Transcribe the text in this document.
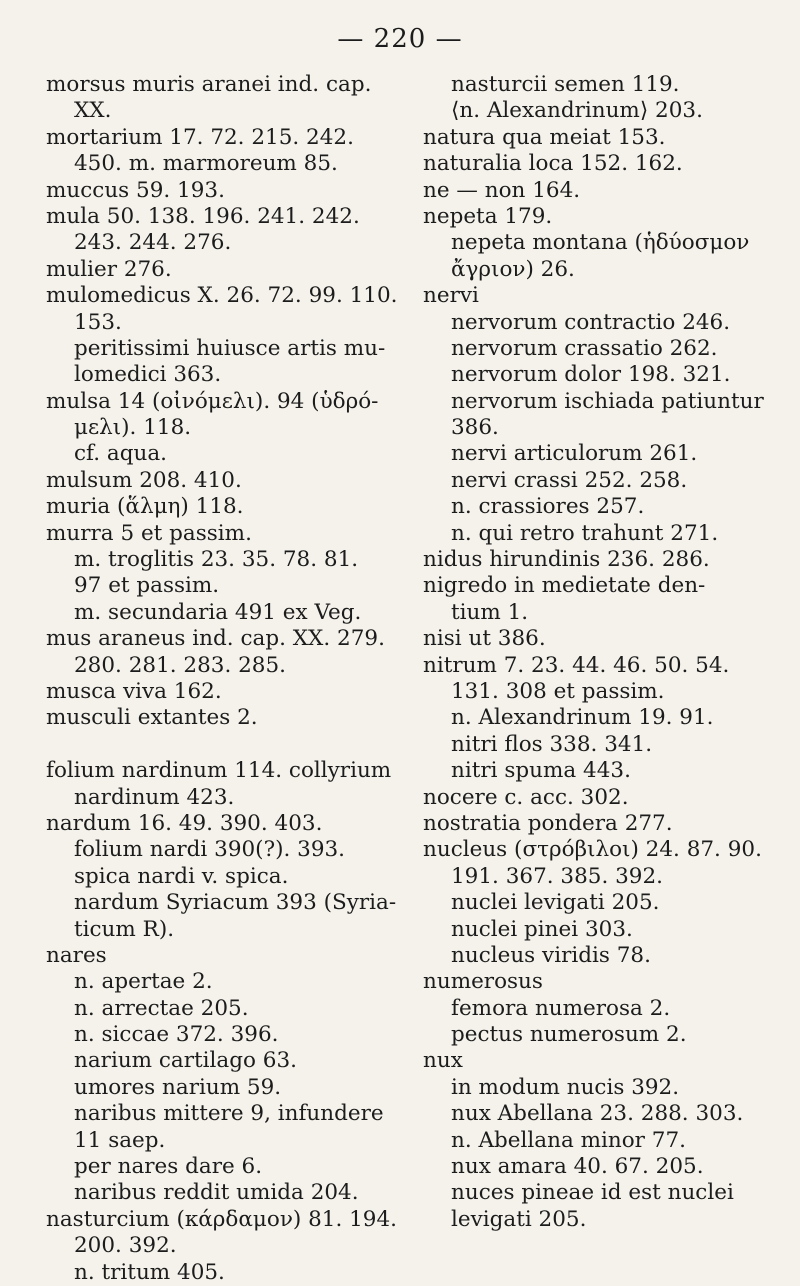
— 220 —
morsus muris aranei ind. cap.
XX.
mortarium 17. 72. 215. 242.
450. m. marmoreum 85.
muccus 59. 193.
mula 50. 138. 196. 241. 242.
243. 244. 276.
mulier 276.
mulomedicus X. 26. 72. 99. 110.
153.
peritissimi huiusce artis mu-
lomedici 363.
mulsa 14 (οἰνόμελι). 94 (ὑδρό-
μελι). 118.
cf. aqua.
mulsum 208. 410.
muria (ἅλμη) 118.
murra 5 et passim.
m. troglitis 23. 35. 78. 81.
97 et passim.
m. secundaria 491 ex Veg.
mus araneus ind. cap. XX. 279.
280. 281. 283. 285.
musca viva 162.
musculi extantes 2.
folium nardinum 114. collyrium
nardinum 423.
nardum 16. 49. 390. 403.
folium nardi 390(?). 393.
spica nardi v. spica.
nardum Syriacum 393 (Syria-
ticum R).
nares
n. apertae 2.
n. arrectae 205.
n. siccae 372. 396.
narium cartilago 63.
umores narium 59.
naribus mittere 9, infundere
11 saep.
per nares dare 6.
naribus reddit umida 204.
nasturcium (κάρδαμον) 81. 194.
200. 392.
n. tritum 405.
nasturcii semen 119.
⟨n. Alexandrinum⟩ 203.
natura qua meiat 153.
naturalia loca 152. 162.
ne — non 164.
nepeta 179.
nepeta montana (ἡδύοσμον
ἄγριον) 26.
nervi
nervorum contractio 246.
nervorum crassatio 262.
nervorum dolor 198. 321.
nervorum ischiada patiuntur
386.
nervi articulorum 261.
nervi crassi 252. 258.
n. crassiores 257.
n. qui retro trahunt 271.
nidus hirundinis 236. 286.
nigredo in medietate den-
tium 1.
nisi ut 386.
nitrum 7. 23. 44. 46. 50. 54.
131. 308 et passim.
n. Alexandrinum 19. 91.
nitri flos 338. 341.
nitri spuma 443.
nocere c. acc. 302.
nostratia pondera 277.
nucleus (στρόβιλοι) 24. 87. 90.
191. 367. 385. 392.
nuclei levigati 205.
nuclei pinei 303.
nucleus viridis 78.
numerosus
femora numerosa 2.
pectus numerosum 2.
nux
in modum nucis 392.
nux Abellana 23. 288. 303.
n. Abellana minor 77.
nux amara 40. 67. 205.
nuces pineae id est nuclei
levigati 205.
